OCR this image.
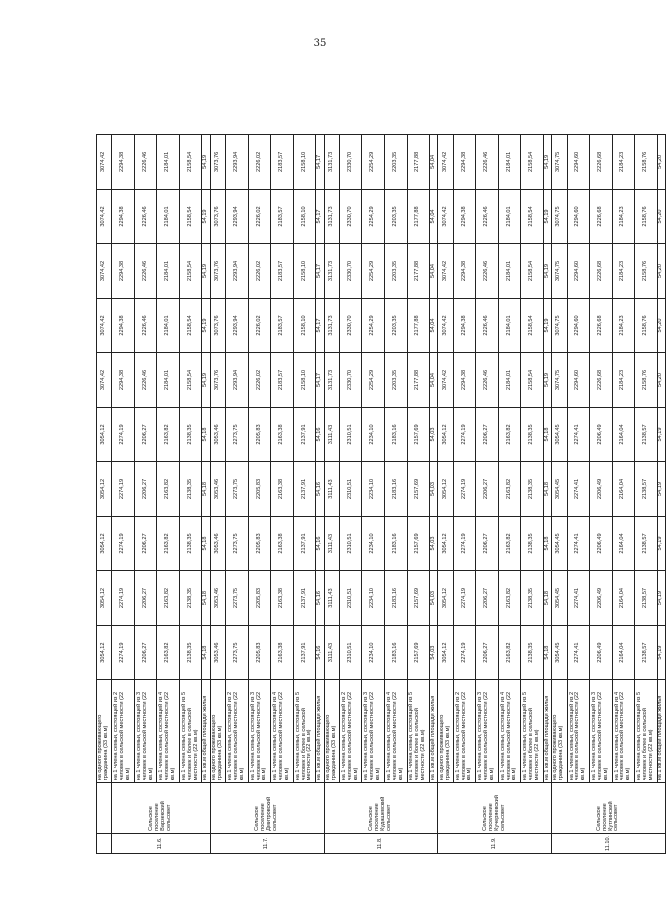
35
		на одного проживающего гражданина (33 кв.м)	3054,12	3054,12	3054,12	3054,12	3054,12	3074,42	3074,42	3074,42	3074,42	3074,42
11.6.	Сельское поселение Варзекский сельсовет	на 1 члена семьи, состоящей из 2 человек в сельской местности (22 кв.м)	2274,19	2274,19	2274,19	2274,19	2274,19	2294,38	2294,38	2294,38	2294,38	2294,38
		на 1 члена семьи, состоящей из 3 человек в сельской местности (22 кв.м)	2206,27	2206,27	2206,27	2206,27	2206,27	2226,46	2226,46	2226,46	2226,46	2226,46
		на 1 члена семьи, состоящей из 4 человек в сельской местности (22 кв.м)	2163,82	2163,82	2163,82	2163,82	2163,82	2184,01	2184,01	2184,01	2184,01	2184,01
		на 1 члена семьи, состоящей из 5 человек и более в сельской местности (22 кв.м)	2138,35	2138,35	2138,35	2138,35	2138,35	2158,54	2158,54	2158,54	2158,54	2158,54
		на 1 кв.м общей площади жилья	54,18	54,18	54,18	54,18	54,18	54,19	54,19	54,19	54,19	54,19
11.7.	Сельское поселение Дмитровский сельсовет	на одного проживающего гражданина (33 кв.м)	3053,46	3053,46	3053,46	3053,46	3053,46	3073,76	3073,76	3073,76	3073,76	3073,76
		на 1 члена семьи, состоящей из 2 человек в сельской местности (22 кв.м)	2273,75	2273,75	2273,75	2273,75	2273,75	2293,94	2293,94	2293,94	2293,94	2293,94
		на 1 члена семьи, состоящей из 3 человек в сельской местности (22 кв.м)	2205,83	2205,83	2205,83	2205,83	2205,83	2226,02	2226,02	2226,02	2226,02	2226,02
		на 1 члена семьи, состоящей из 4 человек в сельской местности (22 кв.м)	2163,38	2163,38	2163,38	2163,38	2163,38	2183,57	2183,57	2183,57	2183,57	2183,57
		на 1 члена семьи, состоящей из 5 человек и более в сельской местности (22 кв.м)	2137,91	2137,91	2137,91	2137,91	2137,91	2158,10	2158,10	2158,10	2158,10	2158,10
		на 1 кв.м общей площади жилья	54,16	54,16	54,16	54,16	54,16	54,17	54,17	54,17	54,17	54,17
11.8.	Сельское поселение Кудашевский сельсовет	на одного проживающего гражданина (33 кв.м)	3111,43	3111,43	3111,43	3111,43	3111,43	3131,73	3131,73	3131,73	3131,73	3131,73
		на 1 члена семьи, состоящей из 2 человек в сельской местности (22 кв.м)	2310,51	2310,51	2310,51	2310,51	2310,51	2330,70	2330,70	2330,70	2330,70	2330,70
		на 1 члена семьи, состоящей из 3 человек в сельской местности (22 кв.м)	2234,10	2234,10	2234,10	2234,10	2234,10	2254,29	2254,29	2254,29	2254,29	2254,29
		на 1 члена семьи, состоящей из 4 человек в сельской местности (22 кв.м)	2183,16	2183,16	2183,16	2183,16	2183,16	2203,35	2203,35	2203,35	2203,35	2203,35
		на 1 члена семьи, состоящей из 5 человек и более в сельской местности (22 кв.м)	2157,69	2157,69	2157,69	2157,69	2157,69	2177,88	2177,88	2177,88	2177,88	2177,88
		на 1 кв.м общей площади жилья	54,03	54,03	54,03	54,03	54,03	54,04	54,04	54,04	54,04	54,04
11.9.	Сельское поселение Кучеряевский сельсовет	на одного проживающего гражданина (33 кв.м)	3054,12	3054,12	3054,12	3054,12	3054,12	3074,42	3074,42	3074,42	3074,42	3074,42
		на 1 члена семьи, состоящей из 2 человек в сельской местности (22 кв.м)	2274,19	2274,19	2274,19	2274,19	2274,19	2294,38	2294,38	2294,38	2294,38	2294,38
		на 1 члена семьи, состоящей из 3 человек в сельской местности (22 кв.м)	2206,27	2206,27	2206,27	2206,27	2206,27	2226,46	2226,46	2226,46	2226,46	2226,46
		на 1 члена семьи, состоящей из 4 человек в сельской местности (22 кв.м)	2163,82	2163,82	2163,82	2163,82	2163,82	2184,01	2184,01	2184,01	2184,01	2184,01
		на 1 члена семьи, состоящей из 5 человек и более в сельской местности (22 кв.м)	2138,35	2138,35	2138,35	2138,35	2138,35	2158,54	2158,54	2158,54	2158,54	2158,54
		на 1 кв.м общей площади жилья	54,18	54,18	54,18	54,18	54,18	54,19	54,19	54,19	54,19	54,19
11.10.	Сельское поселение Кутлинский сельсовет	на одного проживающего гражданина (33 кв.м)	3054,45	3054,45	3054,45	3054,45	3054,45	3074,75	3074,75	3074,75	3074,75	3074,75
		на 1 члена семьи, состоящей из 2 человек в сельской местности (22 кв.м)	2274,41	2274,41	2274,41	2274,41	2274,41	2294,60	2294,60	2294,60	2294,60	2294,60
		на 1 члена семьи, состоящей из 3 человек в сельской местности (22 кв.м)	2206,49	2206,49	2206,49	2206,49	2206,49	2226,68	2226,68	2226,68	2226,68	2226,68
		на 1 члена семьи, состоящей из 4 человек в сельской местности (22 кв.м)	2164,04	2164,04	2164,04	2164,04	2164,04	2184,23	2184,23	2184,23	2184,23	2184,23
		на 1 члена семьи, состоящей из 5 человек и более в сельской местности (22 кв.м)	2138,57	2138,57	2138,57	2138,57	2138,57	2158,76	2158,76	2158,76	2158,76	2158,76
		на 1 кв.м общей площади жилья	54,19	54,19	54,19	54,19	54,19	54,20	54,20	54,20	54,20	54,20
